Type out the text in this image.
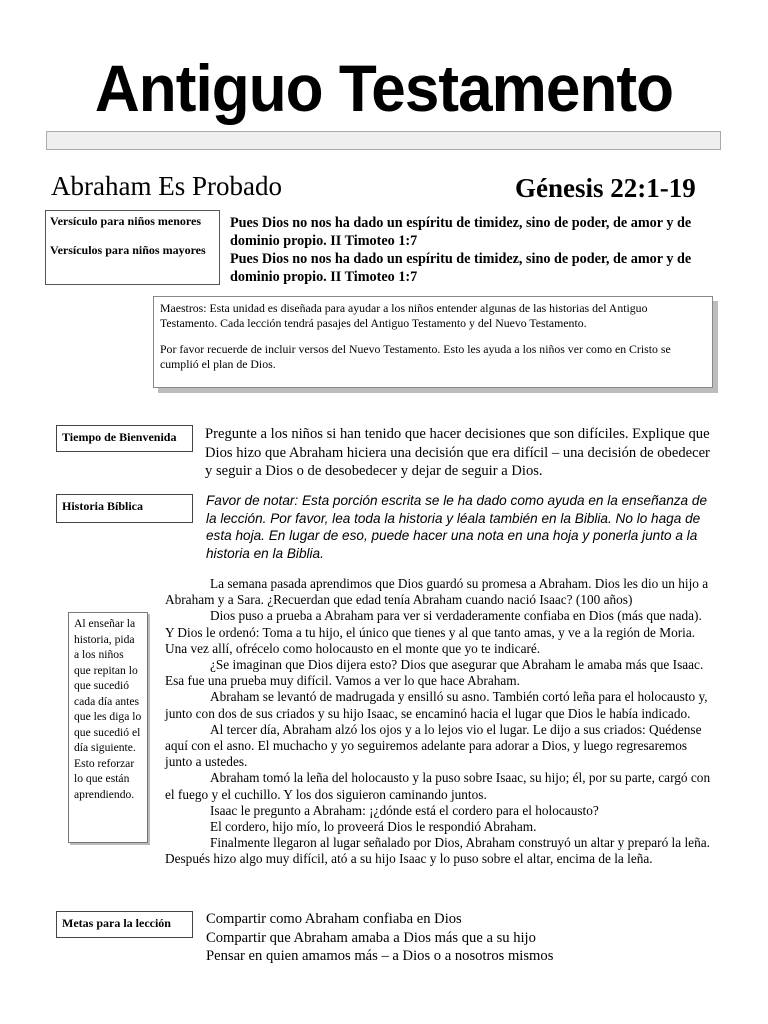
Antiguo Testamento
Abraham Es Probado	Génesis 22:1-19
Versículo para niños menores
Versículos para niños mayores
Pues Dios no nos ha dado un espíritu de timidez, sino de poder, de amor y de dominio propio. II Timoteo 1:7
Pues Dios no nos ha dado un espíritu de timidez, sino de poder, de amor y de dominio propio. II Timoteo 1:7

Maestros: Esta unidad es diseñada para ayudar a los niños entender algunas de las historias del Antiguo Testamento. Cada lección tendrá pasajes del Antiguo Testamento y del Nuevo Testamento.

Por favor recuerde de incluir versos del Nuevo Testamento. Esto les ayuda a los niños ver como en Cristo se cumplió el plan de Dios.

Tiempo de Bienvenida	Pregunte a los niños si han tenido que hacer decisiones que son difíciles. Explique que Dios hizo que Abraham hiciera una decisión que era difícil – una decisión de obedecer y seguir a Dios o de desobedecer y dejar de seguir a Dios.
Historia Bíblica	Favor de notar: Esta porción escrita se le ha dado como ayuda en la enseñanza de la lección. Por favor, lea toda la historia y léala también en la Biblia. No lo haga de esta hoja. En lugar de eso, puede hacer una nota en una hoja y ponerla junto a la historia en la Biblia.
Al enseñar la historia, pida a los niños que repitan lo que sucedió cada día antes que les diga lo que sucedió el día siguiente. Esto reforzar lo que están aprendiendo.

La semana pasada aprendimos que Dios guardó su promesa a Abraham. Dios les dio un hijo a Abraham y a Sara. ¿Recuerdan que edad tenía Abraham cuando nació Isaac? (100 años)

Dios puso a prueba a Abraham para ver si verdaderamente confiaba en Dios (más que nada). Y Dios le ordenó: Toma a tu hijo, el único que tienes y al que tanto amas, y ve a la región de Moria. Una vez allí, ofrécelo como holocausto en el monte que yo te indicaré.

¿Se imaginan que Dios dijera esto? Dios que asegurar que Abraham le amaba más que Isaac. Esa fue una prueba muy difícil. Vamos a ver lo que hace Abraham.

Abraham se levantó de madrugada y ensilló su asno. También cortó leña para el holocausto y, junto con dos de sus criados y su hijo Isaac, se encaminó hacia el lugar que Dios le había indicado.

Al tercer día, Abraham alzó los ojos y a lo lejos vio el lugar. Le dijo a sus criados: Quédense aquí con el asno. El muchacho y yo seguiremos adelante para adorar a Dios, y luego regresaremos junto a ustedes.

Abraham tomó la leña del holocausto y la puso sobre Isaac, su hijo; él, por su parte, cargó con el fuego y el cuchillo. Y los dos siguieron caminando juntos.

Isaac le pregunto a Abraham: ¡¿dónde está el cordero para el holocausto?

El cordero, hijo mío, lo proveerá Dios le respondió Abraham.

Finalmente llegaron al lugar señalado por Dios, Abraham construyó un altar y preparó la leña. Después hizo algo muy difícil, ató a su hijo Isaac y lo puso sobre el altar, encima de la leña.

Metas para la lección	Compartir como Abraham confiaba en Dios
Compartir que Abraham amaba a Dios más que a su hijo
Pensar en quien amamos más – a Dios o a nosotros mismos
